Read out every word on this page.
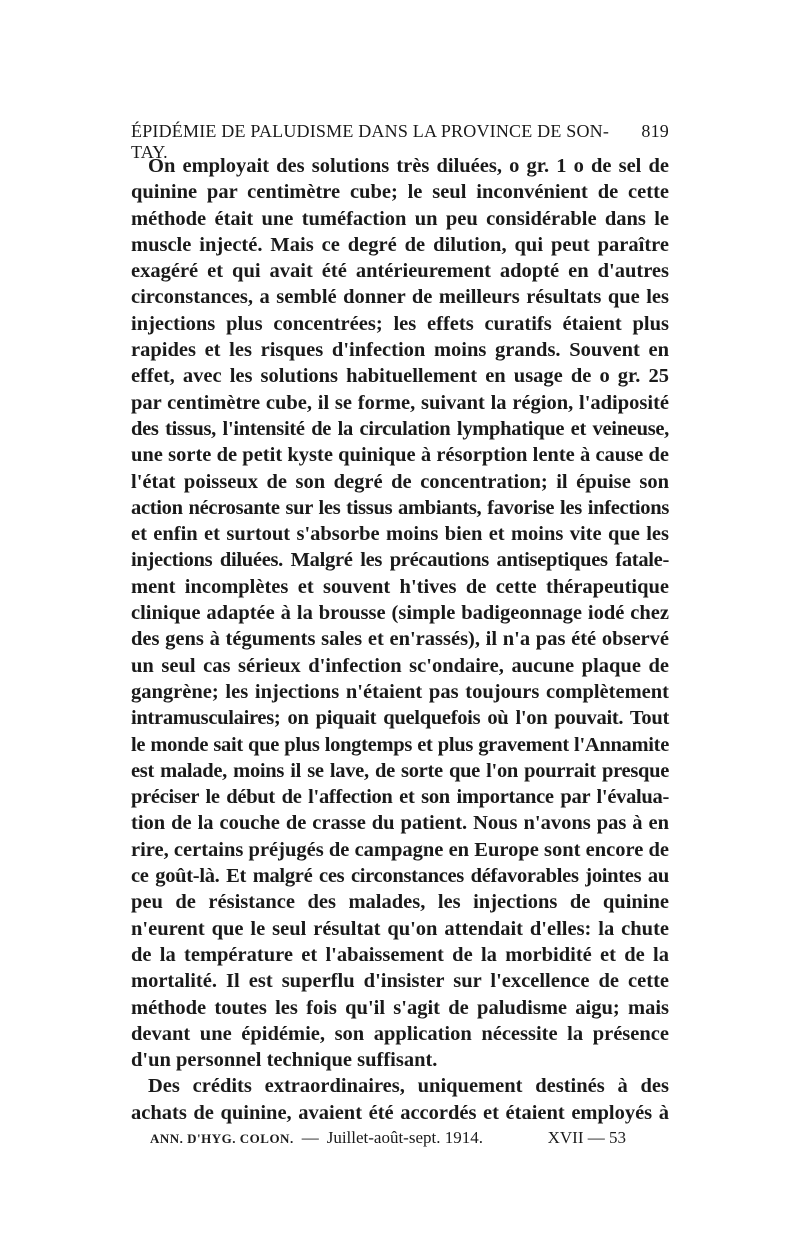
ÉPIDÉMIE DE PALUDISME DANS LA PROVINCE DE SON-TAY.
819
On employait des solutions très diluées, o gr. 1 o de sel de
quinine par centimètre cube; le seul inconvénient de cette
méthode était une tuméfaction un peu considérable dans le
muscle injecté. Mais ce degré de dilution, qui peut paraître
exagéré et qui avait été antérieurement adopté en d'autres
circonstances, a semblé donner de meilleurs résultats que les
injections plus concentrées; les effets curatifs étaient plus
rapides et les risques d'infection moins grands. Souvent en
effet, avec les solutions habituellement en usage de o gr. 25
par centimètre cube, il se forme, suivant la région, l'adiposité
des tissus, l'intensité de la circulation lymphatique et veineuse,
une sorte de petit kyste quinique à résorption lente à cause de
l'état poisseux de son degré de concentration; il épuise son
action nécrosante sur les tissus ambiants, favorise les infections
et enfin et surtout s'absorbe moins bien et moins vite que les
injections diluées. Malgré les précautions antiseptiques fatale-
ment incomplètes et souvent h'tives de cette thérapeutique
clinique adaptée à la brousse (simple badigeonnage iodé chez
des gens à téguments sales et en'rassés), il n'a pas été observé
un seul cas sérieux d'infection sc'ondaire, aucune plaque de
gangrène; les injections n'étaient pas toujours complètement
intramusculaires; on piquait quelquefois où l'on pouvait. Tout
le monde sait que plus longtemps et plus gravement l'Annamite
est malade, moins il se lave, de sorte que l'on pourrait presque
préciser le début de l'affection et son importance par l'évalua-
tion de la couche de crasse du patient. Nous n'avons pas à en
rire, certains préjugés de campagne en Europe sont encore de
ce goût-là. Et malgré ces circonstances défavorables jointes au
peu de résistance des malades, les injections de quinine
n'eurent que le seul résultat qu'on attendait d'elles: la chute
de la température et l'abaissement de la morbidité et de la
mortalité. Il est superflu d'insister sur l'excellence de cette
méthode toutes les fois qu'il s'agit de paludisme aigu; mais
devant une épidémie, son application nécessite la présence
d'un personnel technique suffisant.
Des crédits extraordinaires, uniquement destinés à des
achats de quinine, avaient été accordés et étaient employés à
ANN. D'HYG. COLON. — Juillet-août-sept. 1914.	XVII — 53
